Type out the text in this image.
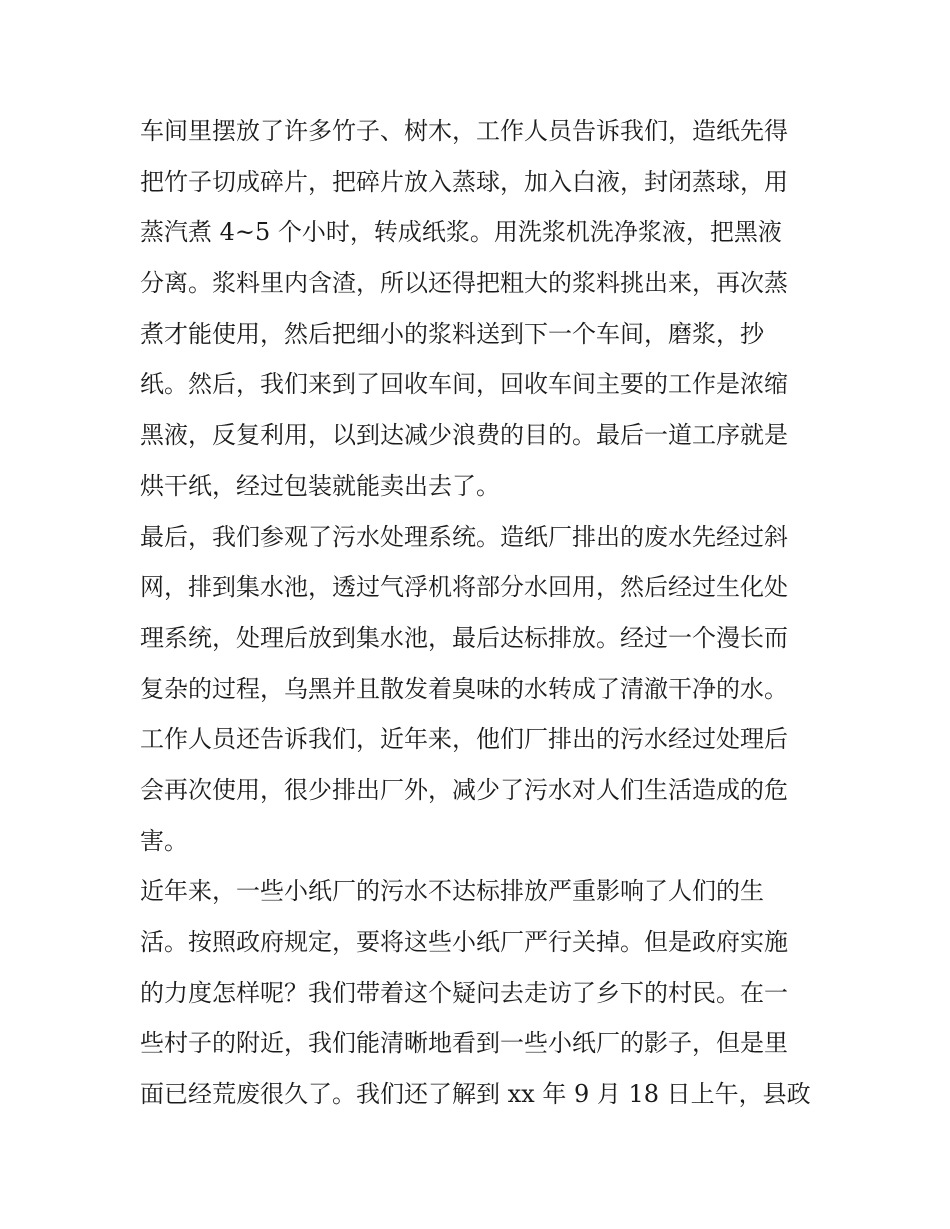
车间里摆放了许多竹子、树木，工作人员告诉我们，造纸先得
把竹子切成碎片，把碎片放入蒸球，加入白液，封闭蒸球，用
蒸汽煮 4~5 个小时，转成纸浆。用洗浆机洗净浆液，把黑液
分离。浆料里内含渣，所以还得把粗大的浆料挑出来，再次蒸
煮才能使用，然后把细小的浆料送到下一个车间，磨浆，抄
纸。然后，我们来到了回收车间，回收车间主要的工作是浓缩
黑液，反复利用，以到达减少浪费的目的。最后一道工序就是
烘干纸，经过包装就能卖出去了。
最后，我们参观了污水处理系统。造纸厂排出的废水先经过斜
网，排到集水池，透过气浮机将部分水回用，然后经过生化处
理系统，处理后放到集水池，最后达标排放。经过一个漫长而
复杂的过程，乌黑并且散发着臭味的水转成了清澈干净的水。
工作人员还告诉我们，近年来，他们厂排出的污水经过处理后
会再次使用，很少排出厂外，减少了污水对人们生活造成的危
害。
近年来，一些小纸厂的污水不达标排放严重影响了人们的生
活。按照政府规定，要将这些小纸厂严行关掉。但是政府实施
的力度怎样呢？我们带着这个疑问去走访了乡下的村民。在一
些村子的附近，我们能清晰地看到一些小纸厂的影子，但是里
面已经荒废很久了。我们还了解到 xx 年 9 月 18 日上午，县政
